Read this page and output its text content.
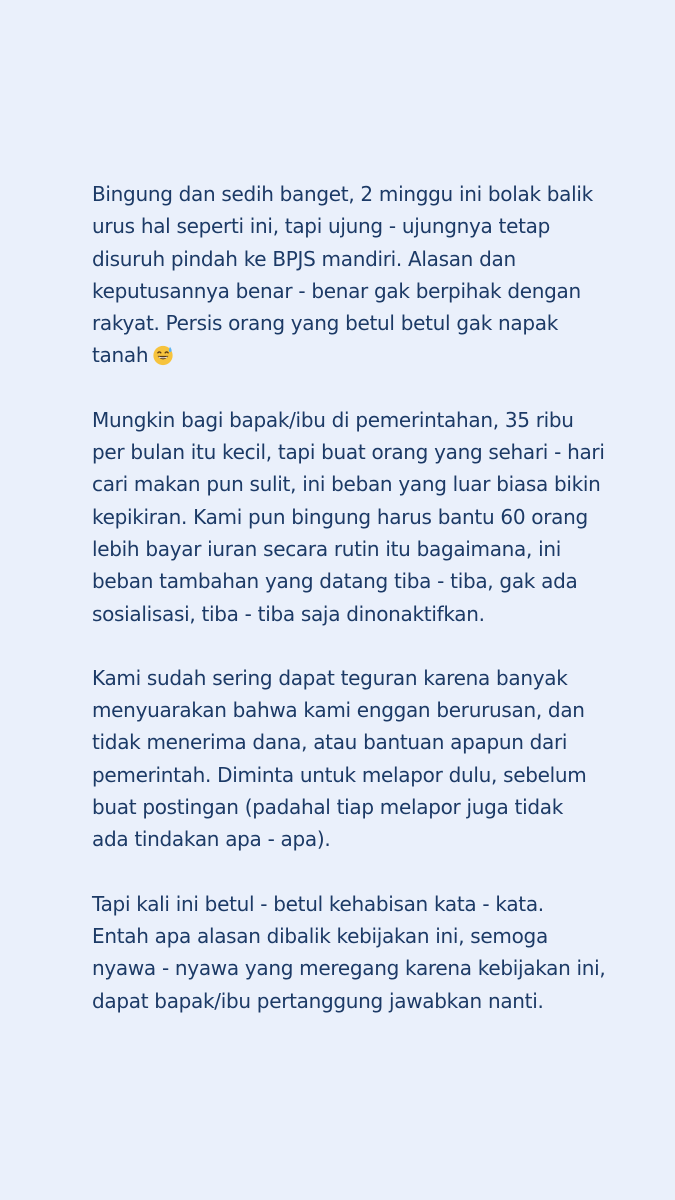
Bingung dan sedih banget, 2 minggu ini bolak balik
urus hal seperti ini, tapi ujung - ujungnya tetap
disuruh pindah ke BPJS mandiri. Alasan dan
keputusannya benar - benar gak berpihak dengan
rakyat. Persis orang yang betul betul gak napak
tanah

Mungkin bagi bapak/ibu di pemerintahan, 35 ribu
per bulan itu kecil, tapi buat orang yang sehari - hari
cari makan pun sulit, ini beban yang luar biasa bikin
kepikiran. Kami pun bingung harus bantu 60 orang
lebih bayar iuran secara rutin itu bagaimana, ini
beban tambahan yang datang tiba - tiba, gak ada
sosialisasi, tiba - tiba saja dinonaktifkan.

Kami sudah sering dapat teguran karena banyak
menyuarakan bahwa kami enggan berurusan, dan
tidak menerima dana, atau bantuan apapun dari
pemerintah. Diminta untuk melapor dulu, sebelum
buat postingan (padahal tiap melapor juga tidak
ada tindakan apa - apa).

Tapi kali ini betul - betul kehabisan kata - kata.
Entah apa alasan dibalik kebijakan ini, semoga
nyawa - nyawa yang meregang karena kebijakan ini,
dapat bapak/ibu pertanggung jawabkan nanti.
